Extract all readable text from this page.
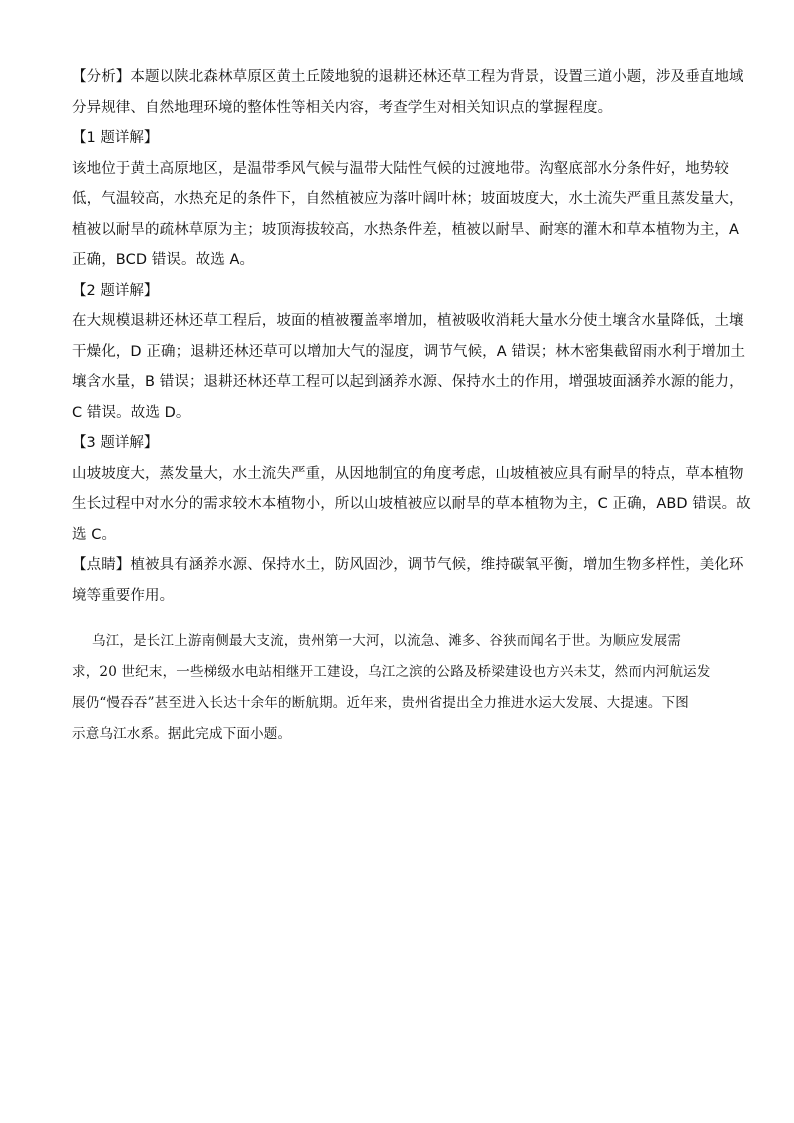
【分析】本题以陕北森林草原区黄土丘陵地貌的退耕还林还草工程为背景，设置三道小题，涉及垂直地域
分异规律、自然地理环境的整体性等相关内容，考查学生对相关知识点的掌握程度。
【1 题详解】
该地位于黄土高原地区，是温带季风气候与温带大陆性气候的过渡地带。沟壑底部水分条件好，地势较
低，气温较高，水热充足的条件下，自然植被应为落叶阔叶林；坡面坡度大，水土流失严重且蒸发量大，
植被以耐旱的疏林草原为主；坡顶海拔较高，水热条件差，植被以耐旱、耐寒的灌木和草本植物为主，A
正确，BCD 错误。故选 A。
【2 题详解】
在大规模退耕还林还草工程后，坡面的植被覆盖率增加，植被吸收消耗大量水分使土壤含水量降低，土壤
干燥化，D 正确；退耕还林还草可以增加大气的湿度，调节气候，A 错误；林木密集截留雨水利于增加土
壤含水量，B 错误；退耕还林还草工程可以起到涵养水源、保持水土的作用，增强坡面涵养水源的能力，
C 错误。故选 D。
【3 题详解】
山坡坡度大，蒸发量大，水土流失严重，从因地制宜的角度考虑，山坡植被应具有耐旱的特点，草本植物
生长过程中对水分的需求较木本植物小，所以山坡植被应以耐旱的草本植物为主，C 正确，ABD 错误。故
选 C。
【点睛】植被具有涵养水源、保持水土，防风固沙，调节气候，维持碳氧平衡，增加生物多样性，美化环
境等重要作用。
乌江，是长江上游南侧最大支流，贵州第一大河，以流急、滩多、谷狭而闻名于世。为顺应发展需
求，20 世纪末，一些梯级水电站相继开工建设，乌江之滨的公路及桥梁建设也方兴未艾，然而内河航运发
展仍“慢吞吞”甚至进入长达十余年的断航期。近年来，贵州省提出全力推进水运大发展、大提速。下图
示意乌江水系。据此完成下面小题。
